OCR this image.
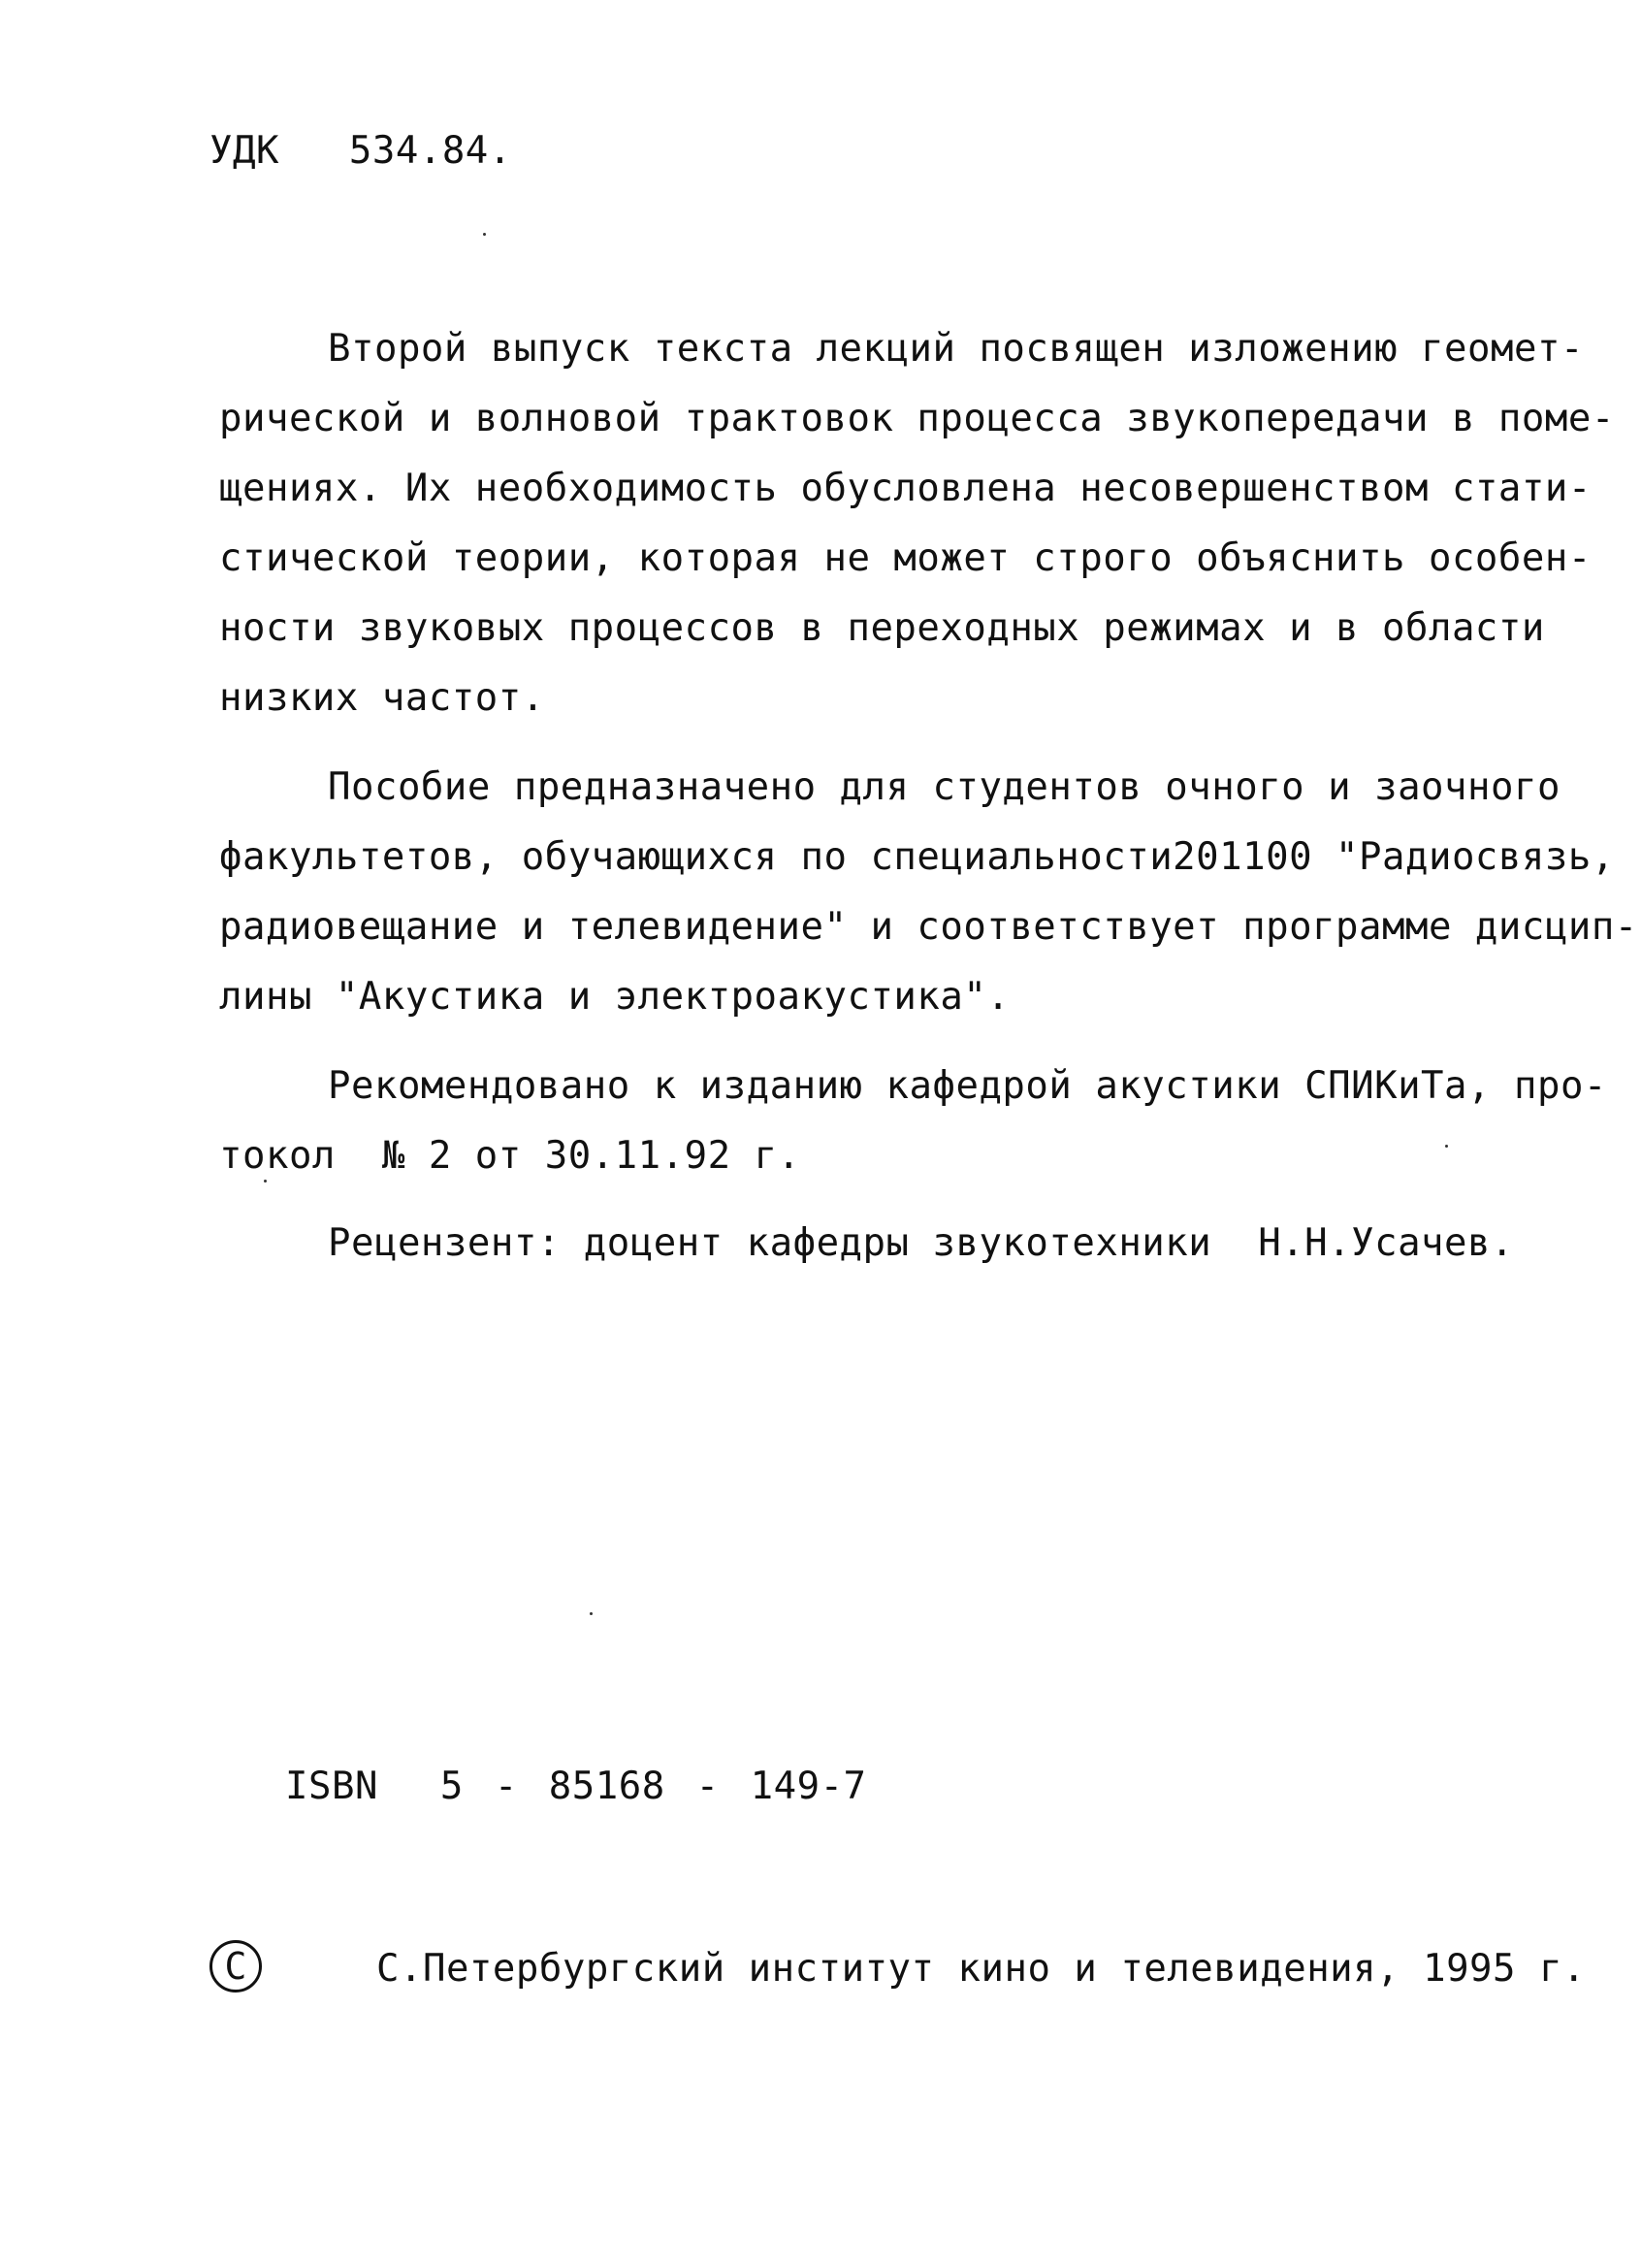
УДК  534.84.
Второй выпуск текста лекций посвящен изложению геомет-
рической и волновой трактовок процесса звукопередачи в поме-
щениях. Их необходимость обусловлена несовершенством стати-
стической теории, которая не может строго объяснить особен-
ности звуковых процессов в переходных режимах и в области
низких частот.
Пособие предназначено для студентов очного и заочного
факультетов, обучающихся по специальности201100 "Радиосвязь,
радиовещание и телевидение" и соответствует программе дисцип-
лины "Акустика и электроакустика".
Рекомендовано к изданию кафедрой акустики СПИКиТа, про-
токол  № 2 от 30.11.92 г.
Рецензент: доцент кафедры звукотехники  Н.Н.Усачев.
ISBN  5 - 85168 - 149-7
C	С.Петербургский институт кино и телевидения, 1995 г.
